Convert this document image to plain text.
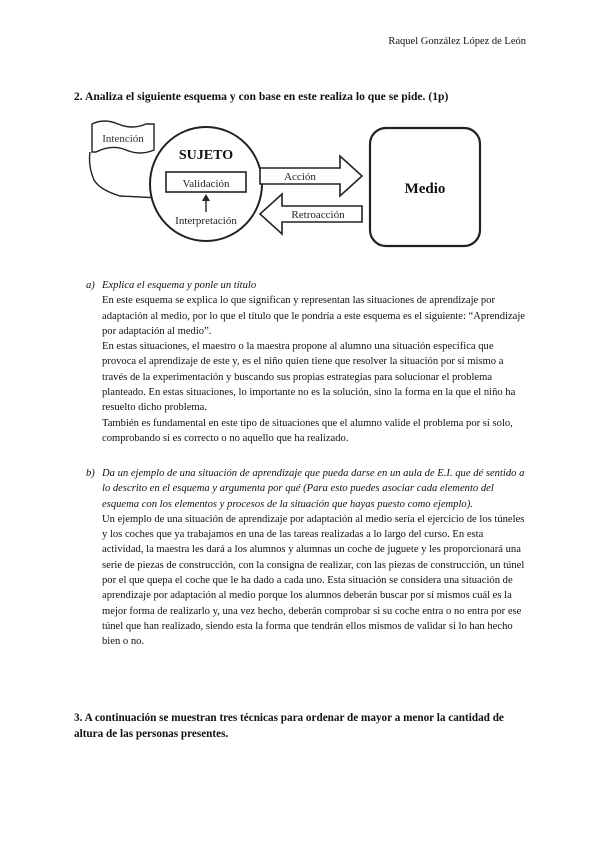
Raquel González López de León
2. Analiza el siguiente esquema y con base en este realiza lo que se pide. (1p)
Intención
SUJETO
Validación
Interpretación
Acción
Retroacción
Medio
a) Explica el esquema y ponle un título

En este esquema se explica lo que significan y representan las situaciones de aprendizaje por adaptación al medio, por lo que el título que le pondría a este esquema es el siguiente: “Aprendizaje por adaptación al medio”.

En estas situaciones, el maestro o la maestra propone al alumno una situación específica que provoca el aprendizaje de este y, es el niño quien tiene que resolver la situación por sí mismo a través de la experimentación y buscando sus propias estrategias para solucionar el problema planteado. En estas situaciones, lo importante no es la solución, sino la forma en la que el niño ha resuelto dicho problema.

También es fundamental en este tipo de situaciones que el alumno valide el problema por sí solo, comprobando si es correcto o no aquello que ha realizado.

b) Da un ejemplo de una situación de aprendizaje que pueda darse en un aula de E.I. que dé sentido a lo descrito en el esquema y argumenta por qué (Para esto puedes asociar cada elemento del esquema con los elementos y procesos de la situación que hayas puesto como ejemplo).

Un ejemplo de una situación de aprendizaje por adaptación al medio sería el ejercicio de los túneles y los coches que ya trabajamos en una de las tareas realizadas a lo largo del curso. En esta actividad, la maestra les dará a los alumnos y alumnas un coche de juguete y les proporcionará una serie de piezas de construcción, con la consigna de realizar, con las piezas de construcción, un túnel por el que quepa el coche que le ha dado a cada uno. Esta situación se considera una situación de aprendizaje por adaptación al medio porque los alumnos deberán buscar por sí mismos cuál es la mejor forma de realizarlo y, una vez hecho, deberán comprobar si su coche entra o no entra por ese túnel que han realizado, siendo esta la forma que tendrán ellos mismos de validar si lo han hecho bien o no.

3. A continuación se muestran tres técnicas para ordenar de mayor a menor la cantidad de altura de las personas presentes.
